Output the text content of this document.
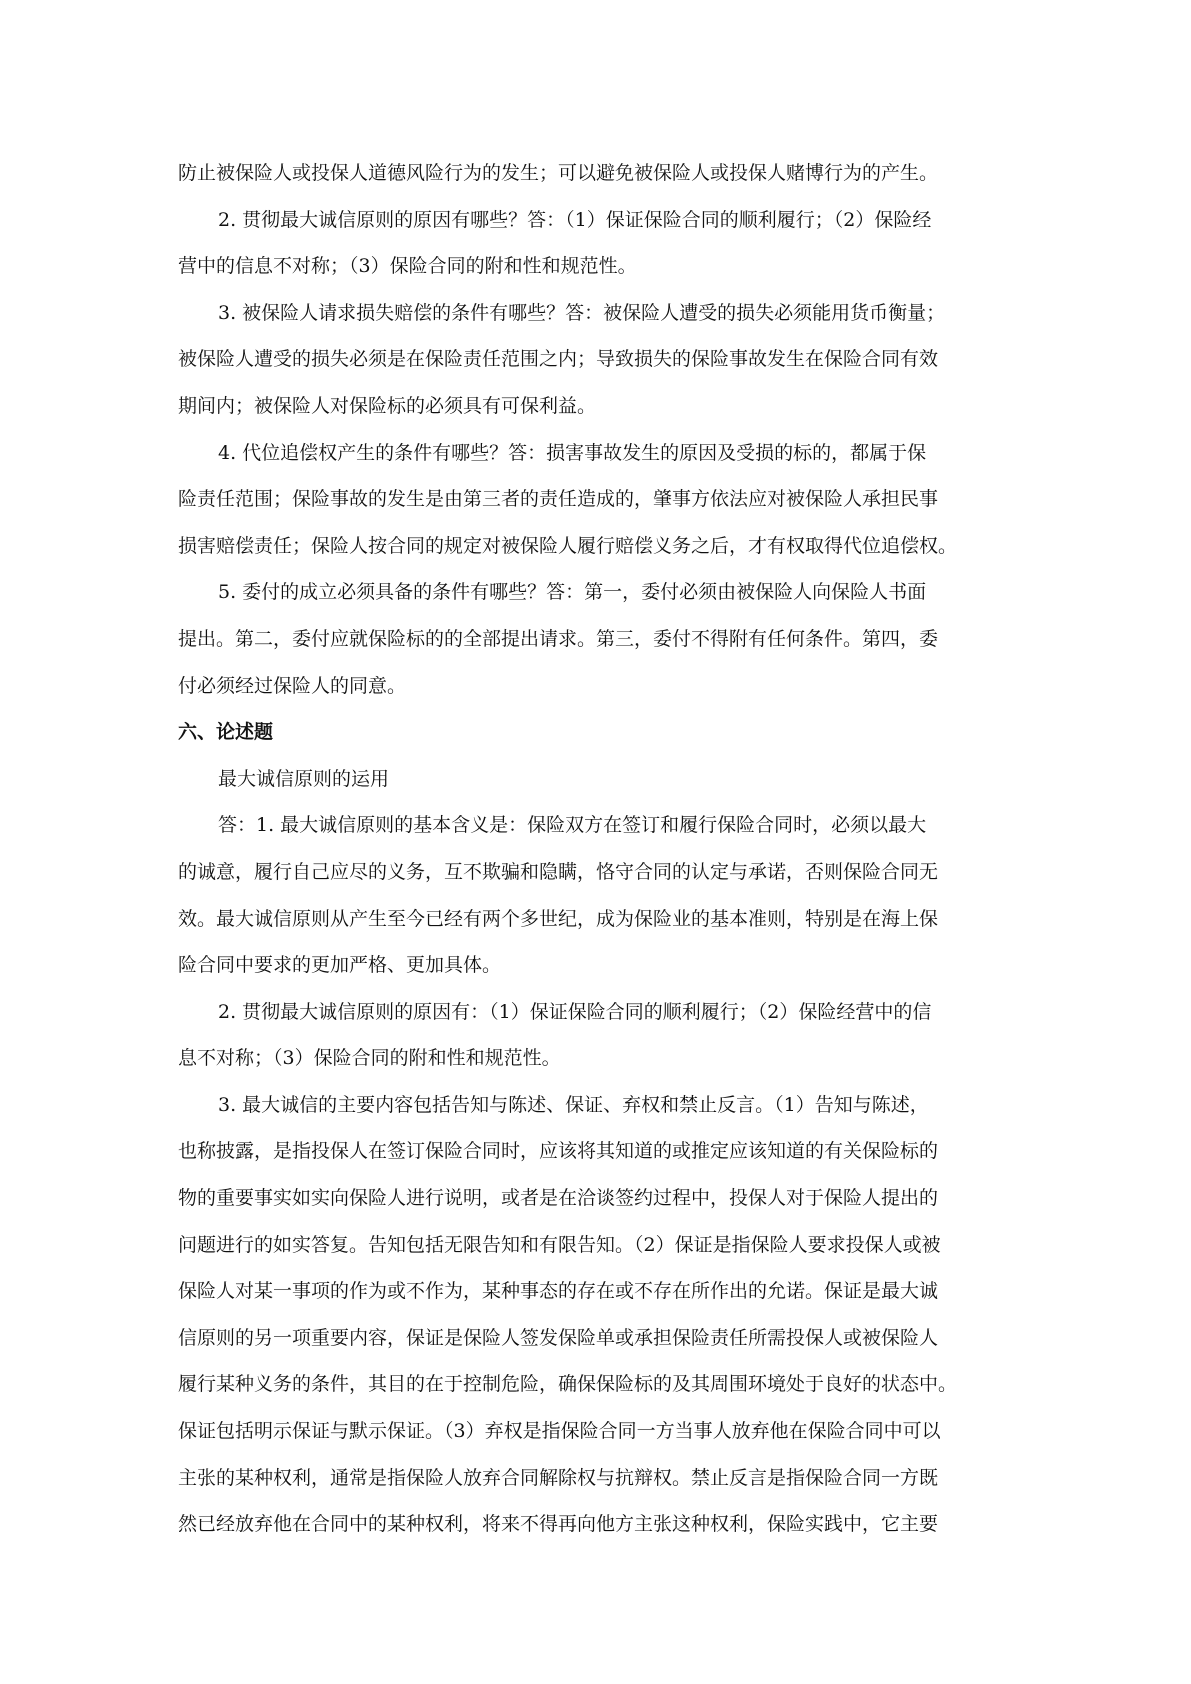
防止被保险人或投保人道德风险行为的发生；可以避免被保险人或投保人赌博行为的产生。
2. 贯彻最大诚信原则的原因有哪些？答：（1）保证保险合同的顺利履行；（2）保险经
营中的信息不对称；（3）保险合同的附和性和规范性。
3. 被保险人请求损失赔偿的条件有哪些？答：被保险人遭受的损失必须能用货币衡量；
被保险人遭受的损失必须是在保险责任范围之内；导致损失的保险事故发生在保险合同有效
期间内；被保险人对保险标的必须具有可保利益。
4. 代位追偿权产生的条件有哪些？答：损害事故发生的原因及受损的标的，都属于保
险责任范围；保险事故的发生是由第三者的责任造成的，肇事方依法应对被保险人承担民事
损害赔偿责任；保险人按合同的规定对被保险人履行赔偿义务之后，才有权取得代位追偿权。
5. 委付的成立必须具备的条件有哪些？答：第一，委付必须由被保险人向保险人书面
提出。第二，委付应就保险标的的全部提出请求。第三，委付不得附有任何条件。第四，委
付必须经过保险人的同意。
六、论述题
最大诚信原则的运用
答：1. 最大诚信原则的基本含义是：保险双方在签订和履行保险合同时，必须以最大
的诚意，履行自己应尽的义务，互不欺骗和隐瞒，恪守合同的认定与承诺，否则保险合同无
效。最大诚信原则从产生至今已经有两个多世纪，成为保险业的基本准则，特别是在海上保
险合同中要求的更加严格、更加具体。
2. 贯彻最大诚信原则的原因有：（1）保证保险合同的顺利履行；（2）保险经营中的信
息不对称；（3）保险合同的附和性和规范性。
3. 最大诚信的主要内容包括告知与陈述、保证、弃权和禁止反言。（1）告知与陈述，
也称披露，是指投保人在签订保险合同时，应该将其知道的或推定应该知道的有关保险标的
物的重要事实如实向保险人进行说明，或者是在洽谈签约过程中，投保人对于保险人提出的
问题进行的如实答复。告知包括无限告知和有限告知。（2）保证是指保险人要求投保人或被
保险人对某一事项的作为或不作为，某种事态的存在或不存在所作出的允诺。保证是最大诚
信原则的另一项重要内容，保证是保险人签发保险单或承担保险责任所需投保人或被保险人
履行某种义务的条件，其目的在于控制危险，确保保险标的及其周围环境处于良好的状态中。
保证包括明示保证与默示保证。（3）弃权是指保险合同一方当事人放弃他在保险合同中可以
主张的某种权利，通常是指保险人放弃合同解除权与抗辩权。禁止反言是指保险合同一方既
然已经放弃他在合同中的某种权利，将来不得再向他方主张这种权利，保险实践中，它主要
